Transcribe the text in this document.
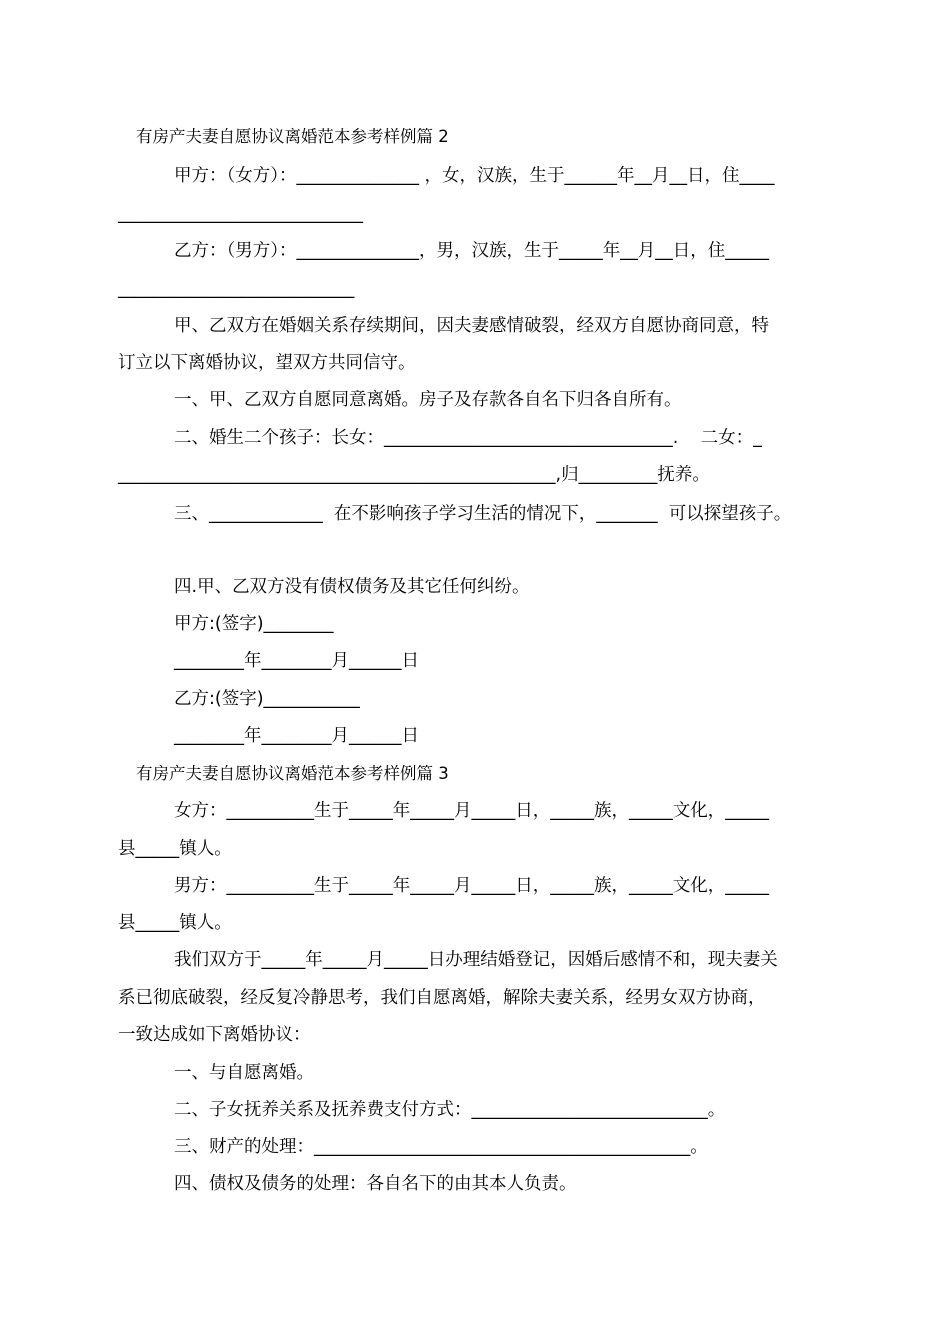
有房产夫妻自愿协议离婚范本参考样例篇 2
甲方：（女方）：______________ ，女，汉族，生于______年__月__日，住____
____________________________
乙方：（男方）：______________，男，汉族，生于_____年__月__日，住_____
___________________________
甲、乙双方在婚姻关系存续期间，因夫妻感情破裂，经双方自愿协商同意，特
订立以下离婚协议，望双方共同信守。
一、甲、乙双方自愿同意离婚。房子及存款各自名下归各自所有。
二、婚生二个孩子：长女：_________________________________.    二女：_
__________________________________________________,归_________抚养。
三、_____________  在不影响孩子学习生活的情况下，_______  可以探望孩子。
四.甲、乙双方没有债权债务及其它任何纠纷。
甲方:(签字)________
________年________月______日
乙方:(签字)___________
________年________月______日
有房产夫妻自愿协议离婚范本参考样例篇 3
女方：__________生于_____年_____月_____日，_____族，_____文化，_____
县_____镇人。
男方：__________生于_____年_____月_____日，_____族，_____文化，_____
县_____镇人。
我们双方于_____年_____月_____日办理结婚登记，因婚后感情不和，现夫妻关
系已彻底破裂，经反复冷静思考，我们自愿离婚，解除夫妻关系，经男女双方协商，
一致达成如下离婚协议：
一、与自愿离婚。
二、子女抚养关系及抚养费支付方式：___________________________。
三、财产的处理：___________________________________________。
四、债权及债务的处理：各自名下的由其本人负责。
